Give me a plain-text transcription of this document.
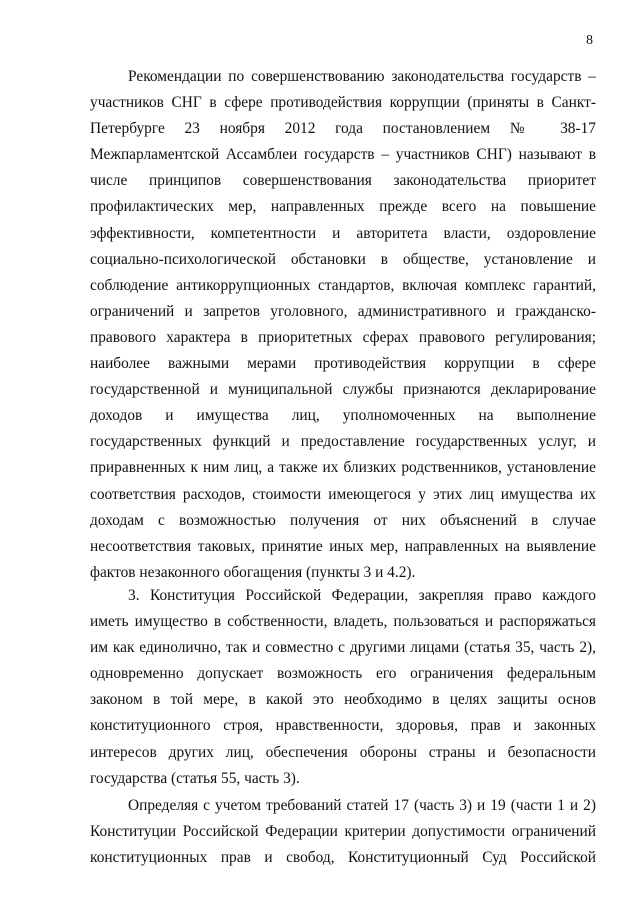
8
Рекомендации по совершенствованию законодательства государств –
участников СНГ в сфере противодействия коррупции (приняты в Санкт-
Петербурге 23 ноября 2012 года постановлением № 38-17
Межпарламентской Ассамблеи государств – участников СНГ) называют в
числе принципов совершенствования законодательства приоритет
профилактических мер, направленных прежде всего на повышение
эффективности, компетентности и авторитета власти, оздоровление
социально-психологической обстановки в обществе, установление и
соблюдение антикоррупционных стандартов, включая комплекс гарантий,
ограничений и запретов уголовного, административного и гражданско-
правового характера в приоритетных сферах правового регулирования;
наиболее важными мерами противодействия коррупции в сфере
государственной и муниципальной службы признаются декларирование
доходов и имущества лиц, уполномоченных на выполнение
государственных функций и предоставление государственных услуг, и
приравненных к ним лиц, а также их близких родственников, установление
соответствия расходов, стоимости имеющегося у этих лиц имущества их
доходам с возможностью получения от них объяснений в случае
несоответствия таковых, принятие иных мер, направленных на выявление
фактов незаконного обогащения (пункты 3 и 4.2).
3. Конституция Российской Федерации, закрепляя право каждого
иметь имущество в собственности, владеть, пользоваться и распоряжаться
им как единолично, так и совместно с другими лицами (статья 35, часть 2),
одновременно допускает возможность его ограничения федеральным
законом в той мере, в какой это необходимо в целях защиты основ
конституционного строя, нравственности, здоровья, прав и законных
интересов других лиц, обеспечения обороны страны и безопасности
государства (статья 55, часть 3).
Определяя с учетом требований статей 17 (часть 3) и 19 (части 1 и 2)
Конституции Российской Федерации критерии допустимости ограничений
конституционных прав и свобод, Конституционный Суд Российской
